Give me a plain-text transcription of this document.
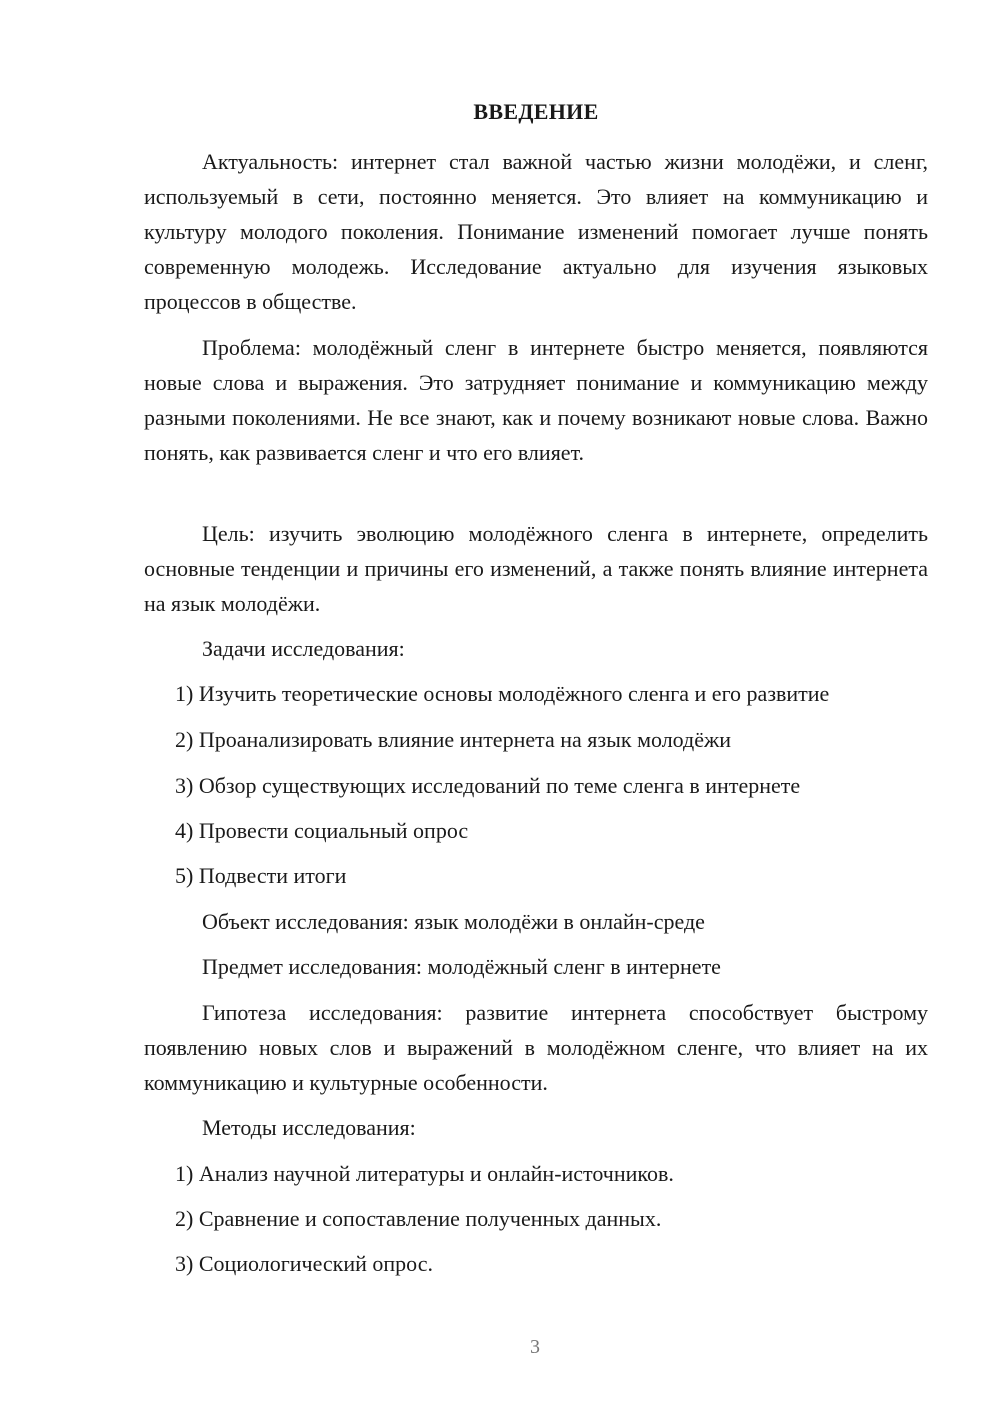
ВВЕДЕНИЕ

Актуальность: интернет стал важной частью жизни молодёжи, и сленг, используемый в сети, постоянно меняется. Это влияет на коммуникацию и культуру молодого поколения. Понимание изменений помогает лучше понять современную молодежь. Исследование актуально для изучения языковых процессов в обществе.

Проблема: молодёжный сленг в интернете быстро меняется, появляются новые слова и выражения. Это затрудняет понимание и коммуникацию между разными поколениями. Не все знают, как и почему возникают новые слова. Важно понять, как развивается сленг и что его влияет.

Цель: изучить эволюцию молодёжного сленга в интернете, определить основные тенденции и причины его изменений, а также понять влияние интернета на язык молодёжи.

Задачи исследования:
1) Изучить теоретические основы молодёжного сленга и его развитие
2) Проанализировать влияние интернета на язык молодёжи
3) Обзор существующих исследований по теме сленга в интернете
4) Провести социальный опрос
5) Подвести итоги
Объект исследования: язык молодёжи в онлайн-среде
Предмет исследования: молодёжный сленг в интернете

Гипотеза исследования: развитие интернета способствует быстрому появлению новых слов и выражений в молодёжном сленге, что влияет на их коммуникацию и культурные особенности.

Методы исследования:
1) Анализ научной литературы и онлайн-источников.
2) Сравнение и сопоставление полученных данных.
3) Социологический опрос.
3
